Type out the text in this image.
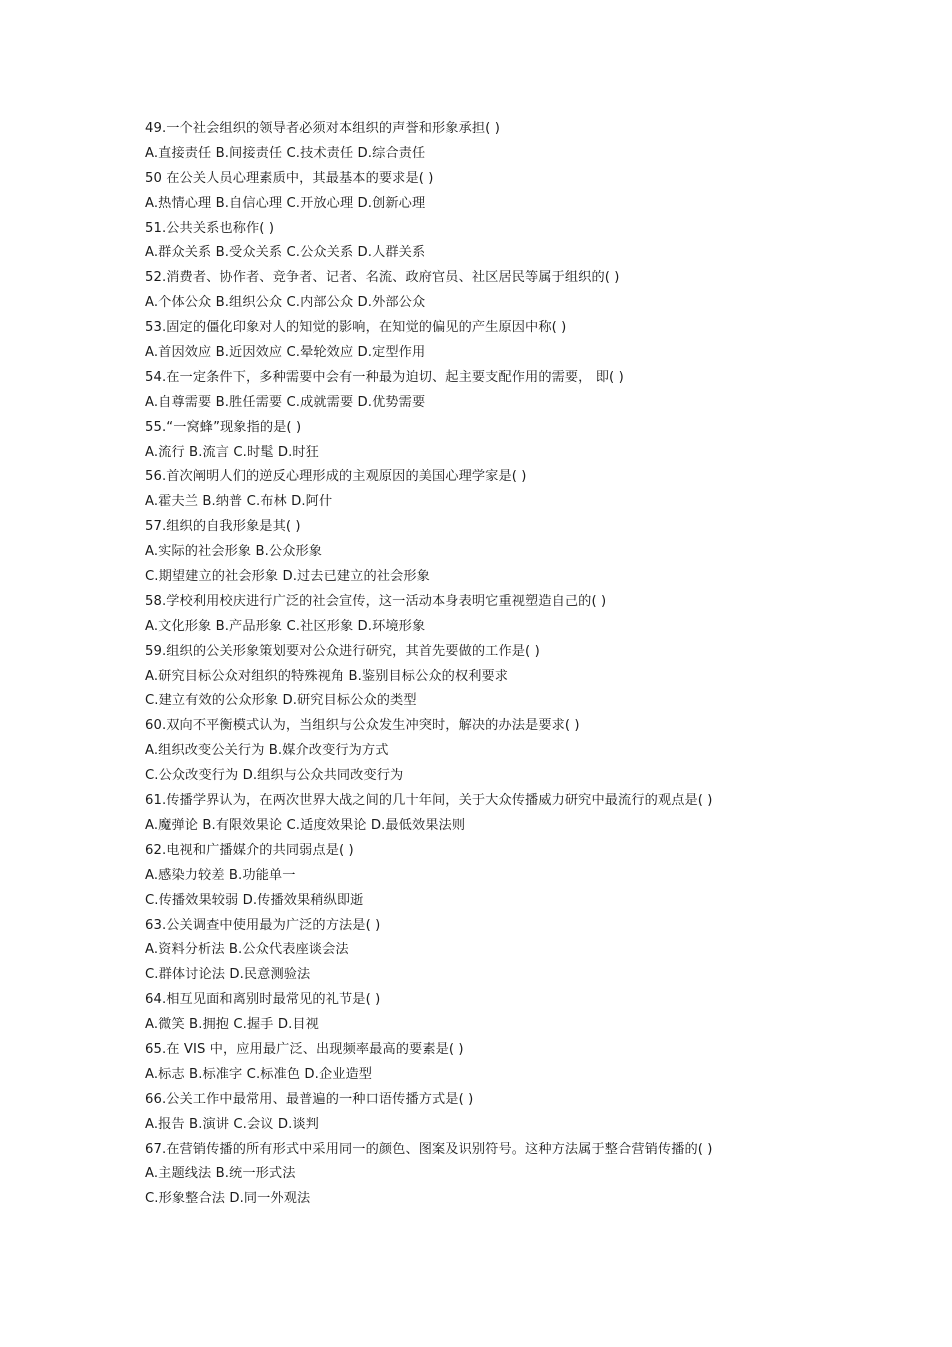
49.一个社会组织的领导者必须对本组织的声誉和形象承担( )
A.直接责任 B.间接责任 C.技术责任 D.综合责任
50 在公关人员心理素质中，其最基本的要求是( )
A.热情心理 B.自信心理 C.开放心理 D.创新心理
51.公共关系也称作( )
A.群众关系 B.受众关系 C.公众关系 D.人群关系
52.消费者、协作者、竞争者、记者、名流、政府官员、社区居民等属于组织的( )
A.个体公众 B.组织公众 C.内部公众 D.外部公众
53.固定的僵化印象对人的知觉的影响，在知觉的偏见的产生原因中称( )
A.首因效应 B.近因效应 C.晕轮效应 D.定型作用
54.在一定条件下，多种需要中会有一种最为迫切、起主要支配作用的需要， 即( )
A.自尊需要 B.胜任需要 C.成就需要 D.优势需要
55.“一窝蜂”现象指的是( )
A.流行 B.流言 C.时髦 D.时狂
56.首次阐明人们的逆反心理形成的主观原因的美国心理学家是( )
A.霍夫兰 B.纳普 C.布林 D.阿什
57.组织的自我形象是其( )
A.实际的社会形象 B.公众形象
C.期望建立的社会形象 D.过去已建立的社会形象
58.学校利用校庆进行广泛的社会宣传，这一活动本身表明它重视塑造自己的( )
A.文化形象 B.产品形象 C.社区形象 D.环境形象
59.组织的公关形象策划要对公众进行研究，其首先要做的工作是( )
A.研究目标公众对组织的特殊视角 B.鉴别目标公众的权利要求
C.建立有效的公众形象 D.研究目标公众的类型
60.双向不平衡模式认为，当组织与公众发生冲突时，解决的办法是要求( )
A.组织改变公关行为 B.媒介改变行为方式
C.公众改变行为 D.组织与公众共同改变行为
61.传播学界认为，在两次世界大战之间的几十年间，关于大众传播威力研究中最流行的观点是( )
A.魔弹论 B.有限效果论 C.适度效果论 D.最低效果法则
62.电视和广播媒介的共同弱点是( )
A.感染力较差 B.功能单一
C.传播效果较弱 D.传播效果稍纵即逝
63.公关调查中使用最为广泛的方法是( )
A.资料分析法 B.公众代表座谈会法
C.群体讨论法 D.民意测验法
64.相互见面和离别时最常见的礼节是( )
A.微笑 B.拥抱 C.握手 D.目视
65.在 VIS 中，应用最广泛、出现频率最高的要素是( )
A.标志 B.标准字 C.标准色 D.企业造型
66.公关工作中最常用、最普遍的一种口语传播方式是( )
A.报告 B.演讲 C.会议 D.谈判
67.在营销传播的所有形式中采用同一的颜色、图案及识别符号。这种方法属于整合营销传播的( )
A.主题线法 B.统一形式法
C.形象整合法 D.同一外观法
